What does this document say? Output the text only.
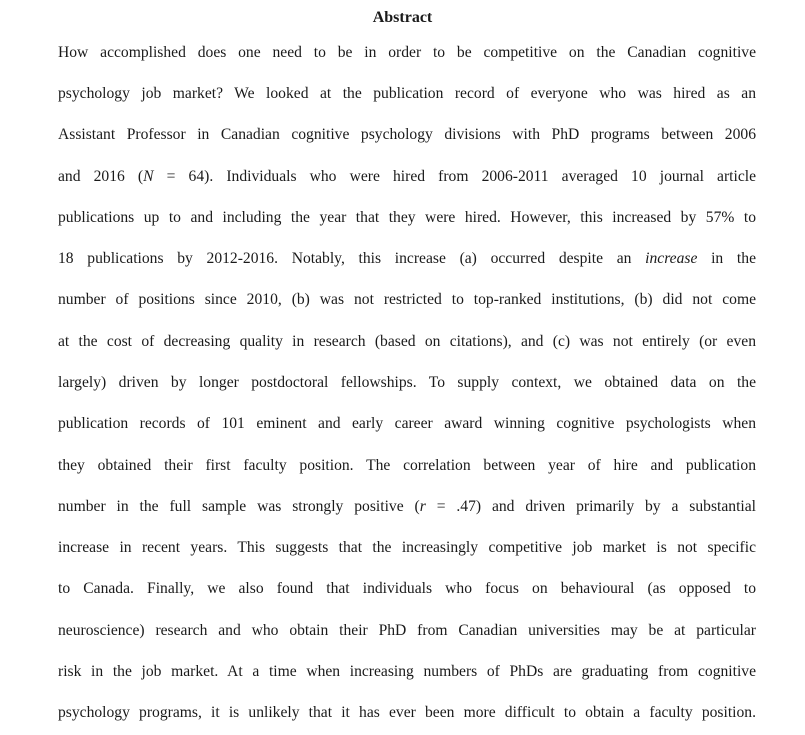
Abstract
How accomplished does one need to be in order to be competitive on the Canadian cognitive
psychology job market? We looked at the publication record of everyone who was hired as an
Assistant Professor in Canadian cognitive psychology divisions with PhD programs between 2006
and 2016 (N = 64). Individuals who were hired from 2006-2011 averaged 10 journal article
publications up to and including the year that they were hired. However, this increased by 57% to
18 publications by 2012-2016. Notably, this increase (a) occurred despite an increase in the
number of positions since 2010, (b) was not restricted to top-ranked institutions, (b) did not come
at the cost of decreasing quality in research (based on citations), and (c) was not entirely (or even
largely) driven by longer postdoctoral fellowships. To supply context, we obtained data on the
publication records of 101 eminent and early career award winning cognitive psychologists when
they obtained their first faculty position. The correlation between year of hire and publication
number in the full sample was strongly positive (r = .47) and driven primarily by a substantial
increase in recent years. This suggests that the increasingly competitive job market is not specific
to Canada. Finally, we also found that individuals who focus on behavioural (as opposed to
neuroscience) research and who obtain their PhD from Canadian universities may be at particular
risk in the job market. At a time when increasing numbers of PhDs are graduating from cognitive
psychology programs, it is unlikely that it has ever been more difficult to obtain a faculty position.
